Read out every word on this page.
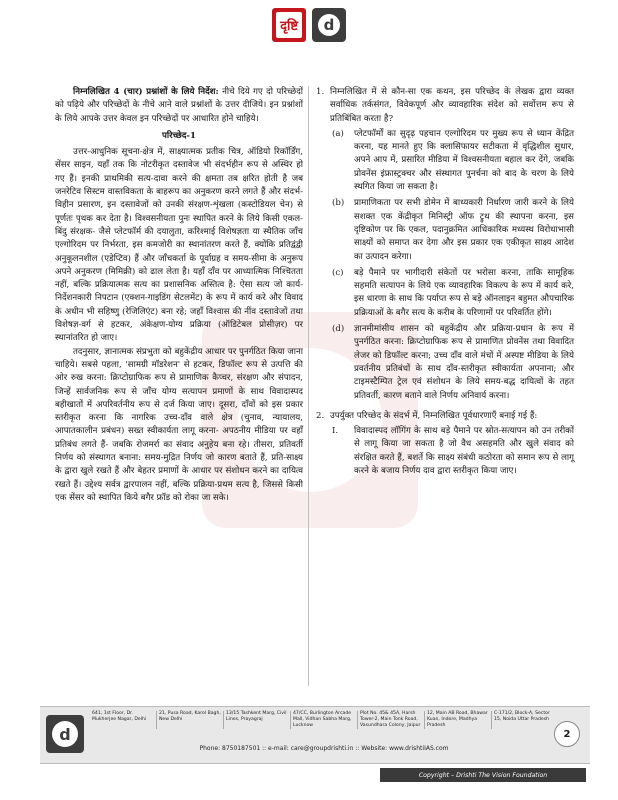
दृष्टि	d

निम्नलिखित 4 (चार) प्रश्नांशों के लिये निर्देश: नीचे दिये गए दो परिच्छेदों को पढ़िये और परिच्छेदों के नीचे आने वाले प्रश्नांशों के उत्तर दीजिये। इन प्रश्नांशों के लिये आपके उत्तर केवल इन परिच्छेदों पर आधारित होने चाहिये।

परिच्छेद-1

उत्तर-आधुनिक सूचना-क्षेत्र में, साक्ष्यात्मक प्रतीक चित्र, ऑडियो रिकॉर्डिंग, सेंसर साइन, यहाँ तक कि नोटरीकृत दस्तावेज भी संदर्भहीन रूप से अस्थिर हो गए हैं। इनकी प्राथमिकी सत्य-दावा करने की क्षमता तब क्षरित होती है जब जनरेटिव सिस्टम वास्तविकता के बाहरूप का अनुकरण करने लगते हैं और संदर्भ-विहीन प्रसारण, इन दस्तावेजों को उनकी संरक्षण-शृंखला (कस्टोडियल चेन) से पूर्णतः पृथक कर देता है। विश्वसनीयता पुनः स्थापित करने के लिये किसी एकल-बिंदु संरक्षक- जैसे प्लेटफॉर्म की दयालुता, करिश्माई विशेषज्ञता या स्थैतिक जाँच एल्गोरिदम पर निर्भरता, इस कमजोरी का स्थानांतरण करते हैं, क्योंकि प्रतिद्वंद्वी अनुकूलनशील (एडेप्टिव) हैं और जाँचकर्ता के पूर्वाग्रह व समय-सीमा के अनुरूप अपने अनुकरण (मिमिक्री) को ढाल लेता है। यहाँ दाँव पर आध्यात्मिक निश्चितता नहीं, बल्कि प्रक्रियात्मक सत्य का प्रशासनिक अस्तित्व है: ऐसा सत्य जो कार्य-निर्देशनकारी निपटान (एक्शन-गाइडिंग सेटलमेंट) के रूप में कार्य करे और विवाद के अधीन भी सहिष्णु (रेजिलिएंट) बना रहे; जहाँ विश्वास की नींव दस्तावेजों तथा विशेषज्ञ-वर्ग से हटकर, अंकेक्षण-योग्य प्रक्रिया (ऑडिटेबल प्रोसीज़र) पर स्थानांतरित हो जाए।

तदनुसार, ज्ञानात्मक संप्रभुता को बहुकेंद्रीय आधार पर पुनर्गठित किया जाना चाहिये। सबसे पहला, 'सामग्री मॉडरेशन' से हटकर, डिफॉल्ट रूप से उत्पत्ति की ओर रुख करना: क्रिप्टोग्राफिक रूप से प्रामाणिक कैप्चर, संरक्षण और संपादन, जिन्हें सार्वजनिक रूप से जाँच योग्य सत्यापन प्रमाणों के साथ विवादास्पद बहीखातों में अपरिवर्तनीय रूप से दर्ज किया जाए। दूसरा, दाँवों को इस प्रकार स्तरीकृत करना कि नागरिक उच्च-दाँव वाले क्षेत्र (चुनाव, न्यायालय, आपातकालीन प्रबंधन) सख्त स्वीकार्यता लागू करना- अपठनीय मीडिया पर वहाँ प्रतिबंध लगते हैं- जबकि रोजमर्रा का संवाद अनुहेय बना रहे। तीसरा, प्रतिवर्ती निर्णय को संस्थागत बनाना: समय-मुद्रित निर्णय जो कारण बताते हैं, प्रति-साक्ष्य के द्वारा खुले रखते हैं और बेहतर प्रमाणों के आधार पर संशोधन करने का दायित्व रखते हैं। उद्देश्य सर्वत्र द्वारपालन नहीं, बल्कि प्रक्रिया-प्रथम सत्य है, जिससे किसी एक सेंसर को स्थापित किये बगैर फ्रॉड को रोका जा सके।

1. निम्नलिखित में से कौन-सा एक कथन, इस परिच्छेद के लेखक द्वारा व्यक्त सर्वाधिक तर्कसंगत, विवेकपूर्ण और व्यावहारिक संदेश को सर्वोत्तम रूप से प्रतिबिंबित करता है?
(a)	प्लेटफॉर्मों का सुदृढ़ पहचान एल्गोरिदम पर मुख्य रूप से ध्यान केंद्रित करना, यह मानते हुए कि क्लासिफायर सटीकता में वृद्धिशील सुधार, अपने आप में, प्रसारित मीडिया में विश्वसनीयता बहाल कर देंगे, जबकि प्रोवनेंस इंफ्रास्ट्रक्चर और संस्थागत पुनर्चना को बाद के चरण के लिये स्थगित किया जा सकता है।
(b)	प्रामाणिकता पर सभी डोमेन में बाध्यकारी निर्धारण जारी करने के लिये सशक्त एक केंद्रीकृत मिनिस्ट्री ऑफ ट्रुथ की स्थापना करना, इस दृष्टिकोण पर कि एकल, पदानुक्रमित आधिकारिक मध्यस्थ विरोधाभासी साक्ष्यों को समाप्त कर देगा और इस प्रकार एक एकीकृत साक्ष्य आदेश का उत्पादन करेगा।
(c)	बड़े पैमाने पर भागीदारी संकेतों पर भरोसा करना, ताकि सामूहिक सहमति सत्यापन के लिये एक व्यावहारिक विकल्प के रूप में कार्य करे, इस धारणा के साथ कि पर्याप्त रूप से बड़े ऑनलाइन बहुमत औपचारिक प्रक्रियाओं के बगैर सत्य के करीब के परिणामों पर परिवर्तित होंगे।
(d)	ज्ञानमीमांसीय शासन को बहुकेंद्रीय और प्रक्रिया-प्रधान के रूप में पुनर्गठित करना: क्रिप्टोग्राफिक रूप से प्रामाणित प्रोवनेंस तथा विवादित लेजर को डिफॉल्ट करना; उच्च दाँव वाले मंचों में अस्पष्ट मीडिया के लिये प्रवर्तनीय प्रतिबंधों के साथ दाँव-स्तरीकृत स्वीकार्यता अपनाना; और टाइमस्टैम्पित ट्रेल एवं संशोधन के लिये समय-बद्ध दायित्वों के तहत प्रतिवर्ती, कारण बताने वाले निर्णय अनिवार्य करना।
2. उपर्युक्त परिच्छेद के संदर्भ में, निम्नलिखित पूर्वधारणाएँ बनाई गई हैं:
I.	विवादास्पद लॉगिंग के साथ बड़े पैमाने पर स्रोत-सत्यापन को उन तरीकों से लागू किया जा सकता है जो वैध असहमति और खुले संवाद को संरक्षित करते हैं, बशर्ते कि साक्ष्य संबंधी कठोरता को समान रूप से लागू करने के बजाय निर्णय दाव द्वारा स्तरीकृत किया जाए।
d
641, 1st Floor, Dr. Mukherjee Nagar, Delhi
21, Pusa Road, Karol Bagh, New Delhi
13/15 Tashkent Marg, Civil Lines, Prayagraj
47/CC, Burlington Arcade Mall, Vidhan Sabha Marg, Lucknow
Plot No. 45& 45A, Harsh Tower-2, Main Tonk Road, Vasundhara Colony, Jaipur
12, Main AB Road, Bhawar Kuan, Indore, Madhya Pradesh
C-171/2, Block-A, Sector 15, Noida Uttar Pradesh
Phone: 8750187501 :: e-mail: care@groupdrishti.in :: Website: www.drishtiIAS.com
2
Copyright – Drishti The Vision Foundation
